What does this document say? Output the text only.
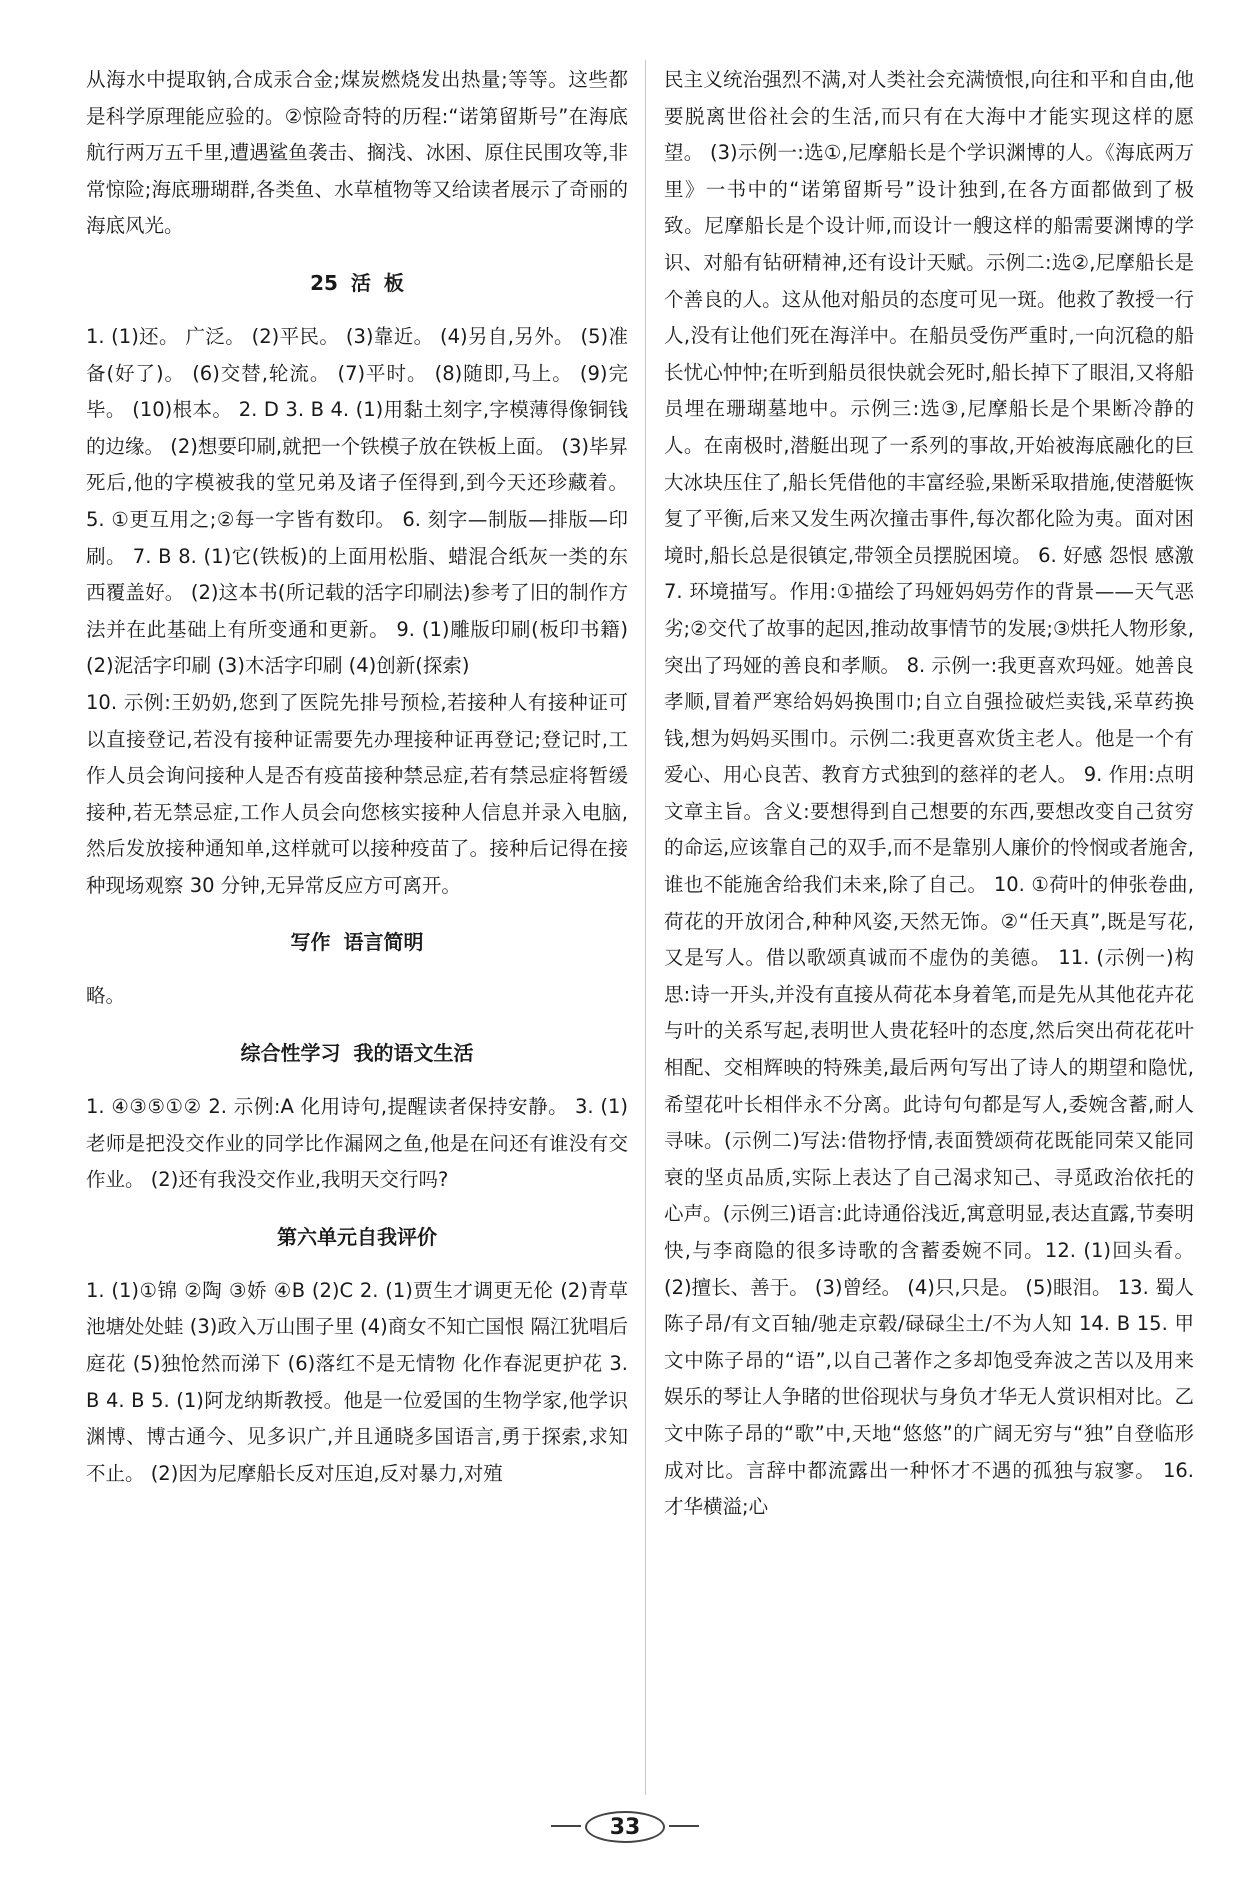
从海水中提取钠,合成汞合金;煤炭燃烧发出热量;等等。这些都是科学原理能应验的。②惊险奇特的历程:“诺第留斯号”在海底航行两万五千里,遭遇鲨鱼袭击、搁浅、冰困、原住民围攻等,非常惊险;海底珊瑚群,各类鱼、水草植物等又给读者展示了奇丽的海底风光。

25 活 板

1. (1)还。 广泛。 (2)平民。 (3)靠近。 (4)另自,另外。 (5)准备(好了)。 (6)交替,轮流。 (7)平时。 (8)随即,马上。 (9)完毕。 (10)根本。 2. D 3. B 4. (1)用黏土刻字,字模薄得像铜钱的边缘。 (2)想要印刷,就把一个铁模子放在铁板上面。 (3)毕昇死后,他的字模被我的堂兄弟及诸子侄得到,到今天还珍藏着。 5. ①更互用之;②每一字皆有数印。 6. 刻字—制版—排版—印刷。 7. B 8. (1)它(铁板)的上面用松脂、蜡混合纸灰一类的东西覆盖好。 (2)这本书(所记载的活字印刷法)参考了旧的制作方法并在此基础上有所变通和更新。 9. (1)雕版印刷(板印书籍) (2)泥活字印刷 (3)木活字印刷 (4)创新(探索)

10. 示例:王奶奶,您到了医院先排号预检,若接种人有接种证可以直接登记,若没有接种证需要先办理接种证再登记;登记时,工作人员会询问接种人是否有疫苗接种禁忌症,若有禁忌症将暂缓接种,若无禁忌症,工作人员会向您核实接种人信息并录入电脑,然后发放接种通知单,这样就可以接种疫苗了。接种后记得在接种现场观察 30 分钟,无异常反应方可离开。

写作 语言简明

略。

综合性学习 我的语文生活

1. ④③⑤①② 2. 示例:A 化用诗句,提醒读者保持安静。 3. (1)老师是把没交作业的同学比作漏网之鱼,他是在问还有谁没有交作业。 (2)还有我没交作业,我明天交行吗?

第六单元自我评价

1. (1)①锦 ②陶 ③娇 ④B (2)C 2. (1)贾生才调更无伦 (2)青草池塘处处蛙 (3)政入万山围子里 (4)商女不知亡国恨 隔江犹唱后庭花 (5)独怆然而涕下 (6)落红不是无情物 化作春泥更护花 3. B 4. B 5. (1)阿龙纳斯教授。他是一位爱国的生物学家,他学识渊博、博古通今、见多识广,并且通晓多国语言,勇于探索,求知不止。 (2)因为尼摩船长反对压迫,反对暴力,对殖

民主义统治强烈不满,对人类社会充满愤恨,向往和平和自由,他要脱离世俗社会的生活,而只有在大海中才能实现这样的愿望。 (3)示例一:选①,尼摩船长是个学识渊博的人。《海底两万里》一书中的“诺第留斯号”设计独到,在各方面都做到了极致。尼摩船长是个设计师,而设计一艘这样的船需要渊博的学识、对船有钻研精神,还有设计天赋。示例二:选②,尼摩船长是个善良的人。这从他对船员的态度可见一斑。他救了教授一行人,没有让他们死在海洋中。在船员受伤严重时,一向沉稳的船长忧心忡忡;在听到船员很快就会死时,船长掉下了眼泪,又将船员埋在珊瑚墓地中。示例三:选③,尼摩船长是个果断冷静的人。在南极时,潜艇出现了一系列的事故,开始被海底融化的巨大冰块压住了,船长凭借他的丰富经验,果断采取措施,使潜艇恢复了平衡,后来又发生两次撞击事件,每次都化险为夷。面对困境时,船长总是很镇定,带领全员摆脱困境。 6. 好感 怨恨 感激 7. 环境描写。作用:①描绘了玛娅妈妈劳作的背景——天气恶劣;②交代了故事的起因,推动故事情节的发展;③烘托人物形象,突出了玛娅的善良和孝顺。 8. 示例一:我更喜欢玛娅。她善良孝顺,冒着严寒给妈妈换围巾;自立自强捡破烂卖钱,采草药换钱,想为妈妈买围巾。示例二:我更喜欢货主老人。他是一个有爱心、用心良苦、教育方式独到的慈祥的老人。 9. 作用:点明文章主旨。含义:要想得到自己想要的东西,要想改变自己贫穷的命运,应该靠自己的双手,而不是靠别人廉价的怜悯或者施舍,谁也不能施舍给我们未来,除了自己。 10. ①荷叶的伸张卷曲,荷花的开放闭合,种种风姿,天然无饰。②“任天真”,既是写花,又是写人。借以歌颂真诚而不虚伪的美德。 11. (示例一)构思:诗一开头,并没有直接从荷花本身着笔,而是先从其他花卉花与叶的关系写起,表明世人贵花轻叶的态度,然后突出荷花花叶相配、交相辉映的特殊美,最后两句写出了诗人的期望和隐忧,希望花叶长相伴永不分离。此诗句句都是写人,委婉含蓄,耐人寻味。(示例二)写法:借物抒情,表面赞颂荷花既能同荣又能同衰的坚贞品质,实际上表达了自己渴求知己、寻觅政治依托的心声。(示例三)语言:此诗通俗浅近,寓意明显,表达直露,节奏明快,与李商隐的很多诗歌的含蓄委婉不同。12. (1)回头看。 (2)擅长、善于。 (3)曾经。 (4)只,只是。 (5)眼泪。 13. 蜀人陈子昂/有文百轴/驰走京毂/碌碌尘土/不为人知 14. B 15. 甲文中陈子昂的“语”,以自己著作之多却饱受奔波之苦以及用来娱乐的琴让人争睹的世俗现状与身负才华无人赏识相对比。乙文中陈子昂的“歌”中,天地“悠悠”的广阔无穷与“独”自登临形成对比。言辞中都流露出一种怀才不遇的孤独与寂寥。 16. 才华横溢;心

33
